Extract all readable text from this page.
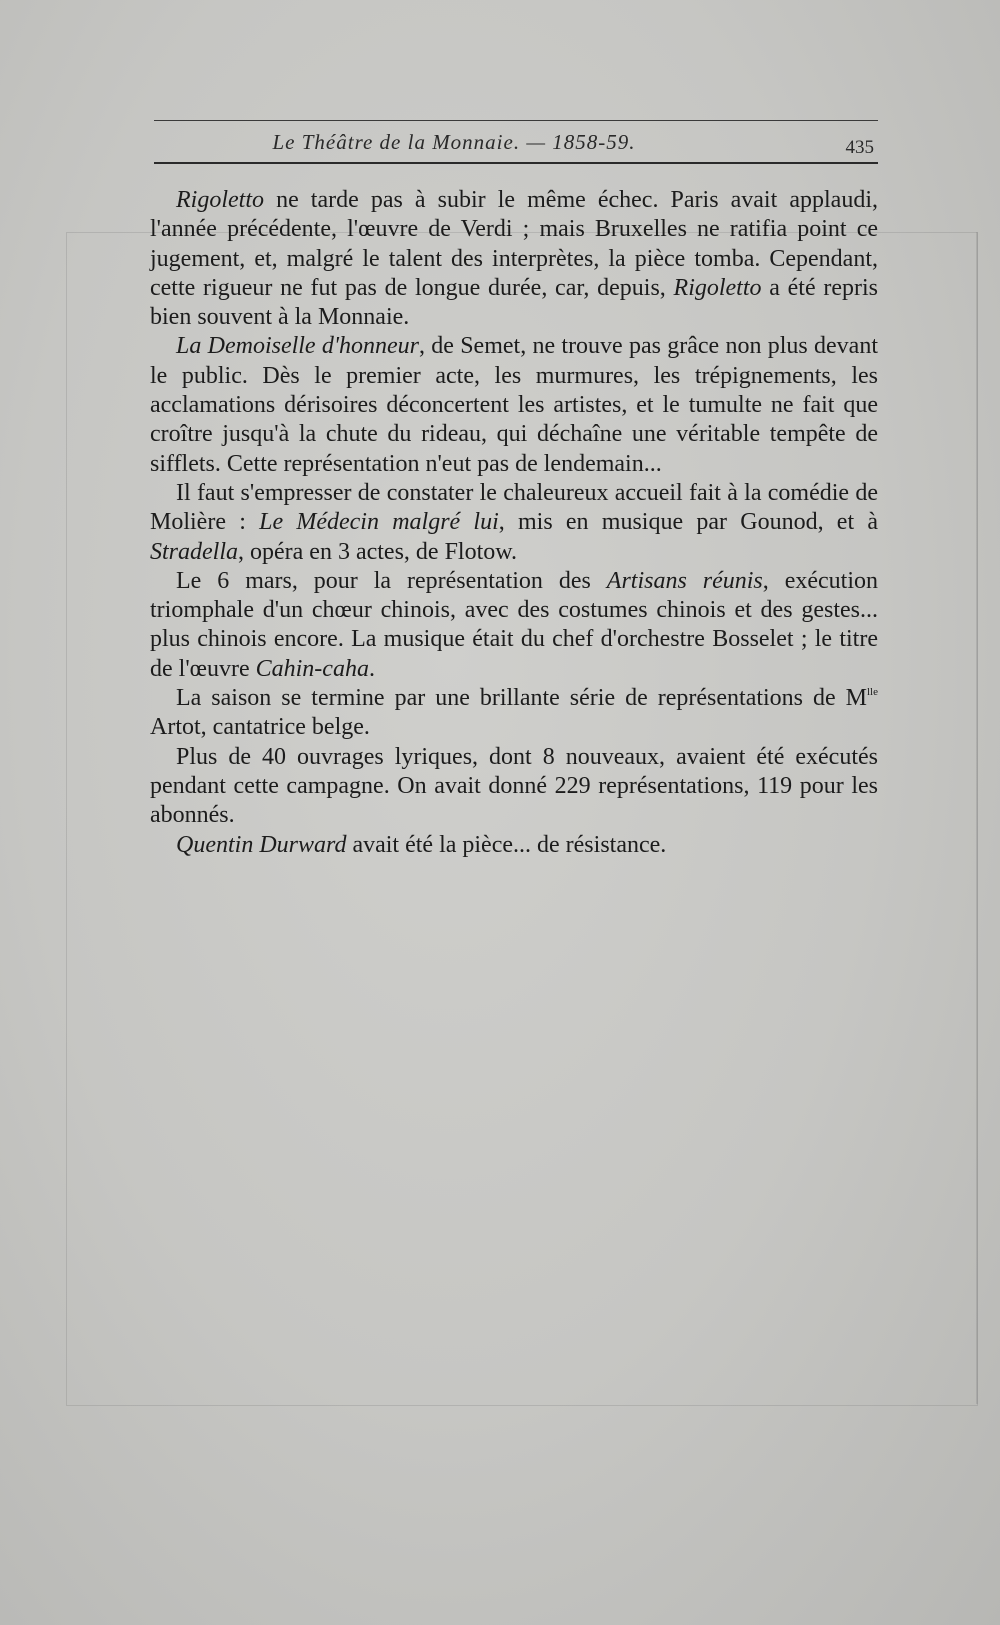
Le Théâtre de la Monnaie. — 1858-59.	435

Rigoletto ne tarde pas à subir le même échec. Paris avait applaudi, l'année précédente, l'œuvre de Verdi ; mais Bruxelles ne ratifia point ce jugement, et, malgré le talent des interprètes, la pièce tomba. Cependant, cette rigueur ne fut pas de longue durée, car, depuis, Rigoletto a été repris bien souvent à la Monnaie.

La Demoiselle d'honneur, de Semet, ne trouve pas grâce non plus devant le public. Dès le premier acte, les murmures, les trépignements, les acclamations dérisoires déconcertent les artistes, et le tumulte ne fait que croître jusqu'à la chute du rideau, qui déchaîne une véritable tempête de sifflets. Cette représentation n'eut pas de lendemain...

Il faut s'empresser de constater le chaleureux accueil fait à la comédie de Molière : Le Médecin malgré lui, mis en musique par Gounod, et à Stradella, opéra en 3 actes, de Flotow.

Le 6 mars, pour la représentation des Artisans réunis, exécution triomphale d'un chœur chinois, avec des costumes chinois et des gestes... plus chinois encore. La musique était du chef d'orchestre Bosselet ; le titre de l'œuvre Cahin-caha.

La saison se termine par une brillante série de représentations de $M^{lle}$ Artot, cantatrice belge.

Plus de 40 ouvrages lyriques, dont 8 nouveaux, avaient été exécutés pendant cette campagne. On avait donné 229 représentations, 119 pour les abonnés.

Quentin Durward avait été la pièce... de résistance.
